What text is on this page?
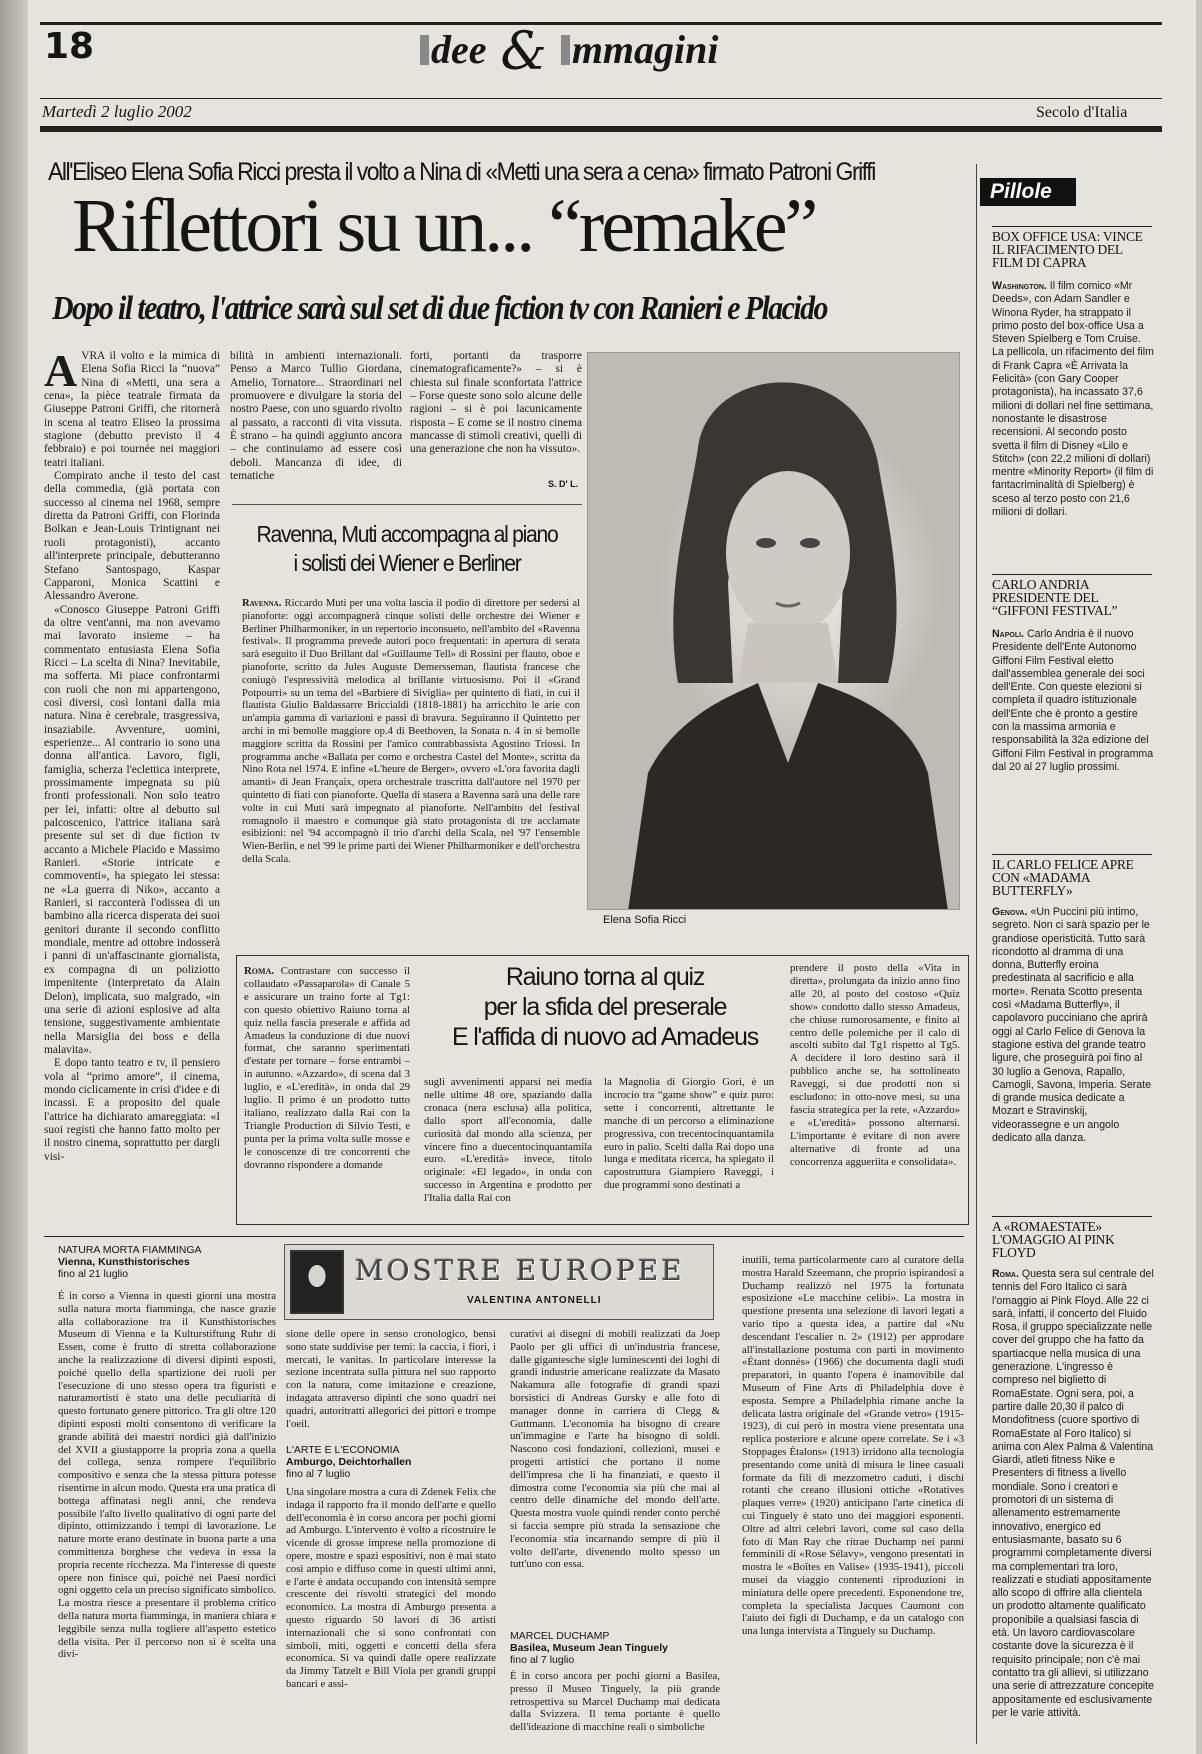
18	dee & mmagini
Martedì 2 luglio 2002	Secolo d'Italia
All'Eliseo Elena Sofia Ricci presta il volto a Nina di «Metti una sera a cena» firmato Patroni Griffi
Riflettori su un... “remake”
Dopo il teatro, l'attrice sarà sul set di due fiction tv con Ranieri e Placido
A VRA il volto e la mimica di Elena Sofia Ricci la “nuova” Nina di «Metti, una sera a cena», la pièce teatrale firmata da Giuseppe Patroni Griffi, che ritornerà in scena al teatro Eliseo la prossima stagione (debutto previsto il 4 febbraio) e poi tournée nei maggiori teatri italiani.

Compirato anche il testo del cast della commedia, (già portata con successo al cinema nel 1968, sempre diretta da Patroni Griffi, con Florinda Bolkan e Jean-Louis Trintignant nei ruoli protagonisti), accanto all'interprete principale, debutteranno Stefano Santospago, Kaspar Capparoni, Monica Scattini e Alessandro Averone.

«Conosco Giuseppe Patroni Griffi da oltre vent'anni, ma non avevamo mai lavorato insieme – ha commentato entusiasta Elena Sofia Ricci – La scelta di Nina? Inevitabile, ma sofferta. Mi piace confrontarmi con ruoli che non mi appartengono, così diversi, così lontani dalla mia natura. Nina è cerebrale, trasgressiva, insaziabile. Avventure, uomini, esperienze... Al contrario io sono una donna all'antica. Lavoro, figli, famiglia, scherza l'eclettica interprete, prossimamente impegnata su più fronti professionali. Non solo teatro per lei, infatti: oltre al debutto sul palcoscenico, l'attrice italiana sarà presente sul set di due fiction tv accanto a Michele Placido e Massimo Ranieri. «Storie intricate e commoventi», ha spiegato lei stessa: ne «La guerra di Niko», accanto a Ranieri, si racconterà l'odissea di un bambino alla ricerca disperata dei suoi genitori durante il secondo conflitto mondiale, mentre ad ottobre indosserà i panni di un'affascinante giornalista, ex compagna di un poliziotto impenitente (interpretato da Alain Delon), implicata, suo malgrado, «in una serie di azioni esplosive ad alta tensione, suggestivamente ambientate nella Marsiglia dei boss e della malavita».

E dopo tanto teatro e tv, il pensiero vola al “primo amore”, il cinema, mondo ciclicamente in crisi d'idee e di incassi. E a proposito del quale l'attrice ha dichiarato amareggiata: «I suoi registi che hanno fatto molto per il nostro cinema, soprattutto per dargli visi-

bilità in ambienti internazionali. Penso a Marco Tullio Giordana, Amelio, Tornatore... Straordinari nel promuovere e divulgare la storia del nostro Paese, con uno sguardo rivolto al passato, a racconti di vita vissuta. È strano – ha quindi aggiunto ancora – che continuiamo ad essere così deboli. Mancanza di idee, di tematiche
forti, portanti da trasporre cinematograficamente?» – si è chiesta sul finale sconfortata l'attrice – Forse queste sono solo alcune delle ragioni – si è poi lacunicamente risposta – E come se il nostro cinema mancasse di stimoli creativi, quelli di una generazione che non ha vissuto».
S. D' L.
Elena Sofia Ricci
Ravenna, Muti accompagna al piano
i solisti dei Wiener e Berliner
Ravenna. Riccardo Muti per una volta lascia il podio di direttore per sedersi al pianoforte: oggi accompagnerà cinque solisti delle orchestre dei Wiener e Berliner Philharmoniker, in un repertorio inconsueto, nell'ambito del «Ravenna festival». Il programma prevede autori poco frequentati: in apertura di serata sarà eseguito il Duo Brillant dal «Guillaume Tell» di Rossini per flauto, oboe e pianoforte, scritto da Jules Auguste Demersseman, flautista francese che coniugò l'espressività melodica al brillante virtuosismo. Poi il «Grand Potpourri» su un tema del «Barbiere di Siviglia» per quintetto di fiati, in cui il flautista Giulio Baldassarre Briccialdi (1818-1881) ha arricchito le arie con un'ampia gamma di variazioni e passi di bravura. Seguiranno il Quintetto per archi in mi bemolle maggiore op.4 di Beethoven, la Sonata n. 4 in si bemolle maggiore scritta da Rossini per l'amico contrabbassista Agostino Triossi. In programma anche «Ballata per corno e orchestra Castel del Monte», scritta da Nino Rota nel 1974. E infine «L'heure de Berger», ovvero «L'ora favorita dagli amanti» di Jean Françaix, opera orchestrale trascritta dall'autore nel 1970 per quintetto di fiati con pianoforte. Quella di stasera a Ravenna sarà una delle rare volte in cui Muti sarà impegnato al pianoforte. Nell'ambito del festival romagnolo il maestro e comunque già stato protagonista di tre acclamate esibizioni: nel '94 accompagnò il trio d'archi della Scala, nel '97 l'ensemble Wien-Berlin, e nel '99 le prime parti dei Wiener Philharmoniker e dell'orchestra della Scala.
Raiuno torna al quiz
per la sfida del preserale
E l'affida di nuovo ad Amadeus
Roma. Contrastare con successo il collaudato «Passaparola» di Canale 5 e assicurare un traino forte al Tg1: con questo obiettivo Raiuno torna al quiz nella fascia preserale e affida ad Amadeus la conduzione di due nuovi format, che saranno sperimentati d'estate per tornare – forse entrambi – in autunno. «Azzardo», di scena dal 3 luglio, e «L'eredità», in onda dal 29 luglio. Il primo è un prodotto tutto italiano, realizzato dalla Rai con la Triangle Production di Silvio Testi, e punta per la prima volta sulle mosse e le conoscenze di tre concorrenti che dovranno rispondere a domande
sugli avvenimenti apparsi nei media nelle ultime 48 ore, spaziando dalla cronaca (nera esclusa) alla politica, dallo sport all'economia, dalle curiosità dal mondo alla scienza, per vincere fino a duecentocinquantamila euro. «L'eredità» invece, titolo originale: «El legado», in onda con successo in Argentina e prodotto per l'Italia dalla Rai con
la Magnolia di Giorgio Gori, è un incrocio tra “game show” e quiz puro: sette i concorrenti, altrettante le manche di un percorso a eliminazione progressiva, con trecentocinquantamila euro in palio. Scelti dalla Rai dopo una lunga e meditata ricerca, ha spiegato il capostruttura Giampiero Raveggi, i due programmi sono destinati a
prendere il posto della «Vita in diretta», prolungata da inizio anno fino alle 20, al posto del costoso «Quiz show» condotto dallo stesso Amadeus, che chiuse rumorosamente, e finito al centro delle polemiche per il calo di ascolti subito dal Tg1 rispetto al Tg5. A decidere il loro destino sarà il pubblico anche se, ha sottolineato Raveggi, si due prodotti non si escludono: in otto-nove mesi, su una fascia strategica per la rete, «Azzardo» e «L'eredità» possono alternarsi. L'importante è evitare di non avere alternative di fronte ad una concorrenza aggueriita e consolidata».
MOSTRE EUROPEE
VALENTINA ANTONELLI
NATURA MORTA FIAMMINGA
Vienna, Kunsthistorisches
fino al 21 luglio
È in corso a Vienna in questi giorni una mostra sulla natura morta fiamminga, che nasce grazie alla collaborazione tra il Kunsthistorisches Museum di Vienna e la Kulturstiftung Ruhr di Essen, come è frutto di stretta collaborazione anche la realizzazione di diversi dipinti esposti, poiché quello della spartizione dei ruoli per l'esecuzione di uno stesso opera tra figuristi e naturamortisti è stato una delle peculiarità di questo fortunato genere pittorico. Tra gli oltre 120 dipinti esposti molti consentono di verificare la grande abilità dei maestri nordici già dall'inizio del XVII a giustapporre la propria zona a quella del collega, senza rompere l'equilibrio compositivo e senza che la stessa pittura potesse risentirne in alcun modo. Questa era una pratica di bottega affinatasi negli anni, che rendeva possibile l'alto livello qualitativo di ogni parte del dipinto, ottimizzando i tempi di lavorazione. Le nature morte erano destinate in buona parte a una committenza borghese che vedeva in essa la propria recente ricchezza. Ma l'interesse di queste opere non finisce qui, poiché nei Paesi nordici ogni oggetto cela un preciso significato simbolico. La mostra riesce a presentare il problema critico della natura morta fiamminga, in maniera chiara e leggibile senza nulla togliere all'aspetto estetico della visita. Per il percorso non si è scelta una divi-
sione delle opere in senso cronologico, bensì sono state suddivise per temi: la caccia, i fiori, i mercati, le vanitas. In particolare interesse la sezione incentrata sulla pittura nel suo rapporto con la natura, come imitazione e creazione, indagata attraverso dipinti che sono quadri nei quadri, autoritratti allegorici dei pittori e trompe l'oeil.
L'ARTE E L'ECONOMIA
Amburgo, Deichtorhallen
fino al 7 luglio
Una singolare mostra a cura di Zdenek Felix che indaga il rapporto fra il mondo dell'arte e quello dell'economia è in corso ancora per pochi giorni ad Amburgo. L'intervento è volto a ricostruire le vicende di grosse imprese nella promozione di opere, mostre e spazi espositivi, non è mai stato così ampio e diffuso come in questi ultimi anni, e l'arte è andata occupando con intensità sempre crescente dei risvolti strategici del mondo economico. La mostra di Amburgo presenta a questo riguardo 50 lavori di 36 artisti internazionali che si sono confrontati con simboli, miti, oggetti e concetti della sfera economica. Si va quindi dalle opere realizzate da Jimmy Tatzelt e Bill Viola per grandi gruppi bancari e assi-
curativi ai disegni di mobili realizzati da Joep Paolo per gli uffici di un'industria francese, dalle gigantesche sigle luminescenti dei loghi di grandi industrie americane realizzate da Masato Nakamura alle fotografie di grandi spazi borsistici di Andreas Gursky e alle foto di manager donne in carriera di Clegg & Guttmann. L'economia ha bisogno di creare un'immagine e l'arte ha bisogno di soldi. Nascono così fondazioni, collezioni, musei e progetti artistici che portano il nome dell'impresa che li ha finanziati, e questo il dimostra come l'economia sia più che mai al centro delle dinamiche del mondo dell'arte. Questa mostra vuole quindi render conto perché si faccia sempre più strada la sensazione che l'economia stia incarnando sempre di più il volto dell'arte, divenendo molto spesso un tutt'uno con essa.
MARCEL DUCHAMP
Basilea, Museum Jean Tinguely
fino al 7 luglio
È in corso ancora per pochi giorni a Basilea, presso il Museo Tinguely, la più grande retrospettiva su Marcel Duchamp mai dedicata dalla Svizzera. Il tema portante è quello dell'ideazione di macchine reali o simboliche
inutili, tema particolarmente caro al curatore della mostra Harald Szeemann, che proprio ispirandosi a Duchamp realizzò nel 1975 la fortunata esposizione «Le macchine celibi». La mostra in questione presenta una selezione di lavori legati a vario tipo a questa idea, a partire dal «Nu descendant l'escalier n. 2» (1912) per approdare all'installazione postuma con parti in movimento «Étant donnés» (1966) che documenta dagli studi preparatori, in quanto l'opera è inamovibile dal Museum of Fine Arts di Philadelphia dove è esposta. Sempre a Philadelphia rimane anche la delicata lastra originale del «Grande vetro» (1915-1923), di cui però in mostra viene presentata una replica posteriore e alcune opere correlate. Se i «3 Stoppages Étalons» (1913) irridono alla tecnologia presentando come unità di misura le linee casuali formate da fili di mezzometro caduti, i dischi rotanti che creano illusioni ottiche «Rotatives plaques verre» (1920) anticipano l'arte cinetica di cui Tinguely è stato uno dei maggiori esponenti. Oltre ad altri celebri lavori, come sul caso della foto di Man Ray che ritrae Duchamp nei panni femminili di «Rose Sélavy», vengono presentati in mostra le «Boîtes en Valise» (1935-1941), piccoli musei da viaggio contenenti riproduzioni in miniatura delle opere precedenti. Esponendone tre, completa la specialista Jacques Caumont con l'aiuto dei figli di Duchamp, e da un catalogo con una lunga intervista a Tinguely su Duchamp.
Pillole
BOX OFFICE USA: VINCE IL RIFACIMENTO DEL FILM DI CAPRA
Washington. Il film comico «Mr Deeds», con Adam Sandler e Winona Ryder, ha strappato il primo posto del box-office Usa a Steven Spielberg e Tom Cruise. La pellicola, un rifacimento del film di Frank Capra «È Arrivata la Felicità» (con Gary Cooper protagonista), ha incassato 37,6 milioni di dollari nel fine settimana, nonostante le disastrose recensioni. Al secondo posto svetta il film di Disney «Lilo e Stitch» (con 22,2 milioni di dollari) mentre «Minority Report» (il film di fantacriminalità di Spielberg) è sceso al terzo posto con 21,6 milioni di dollari.
CARLO ANDRIA PRESIDENTE DEL “GIFFONI FESTIVAL”
Napoli. Carlo Andria è il nuovo Presidente dell'Ente Autonomo Giffoni Film Festival eletto dall'assemblea generale dei soci dell'Ente. Con queste elezioni si completa il quadro istituzionale dell'Ente che è pronto a gestire con la massima armonia e responsabilità la 32a edizione del Giffoni Film Festival in programma dal 20 al 27 luglio prossimi.
IL CARLO FELICE APRE CON «MADAMA BUTTERFLY»
Genova. «Un Puccini più intimo, segreto. Non ci sarà spazio per le grandiose operisticità. Tutto sarà ricondotto al dramma di una donna, Butterfly eroina predestinata al sacrificio e alla morte». Renata Scotto presenta così «Madama Butterfly», il capolavoro pucciniano che aprirà oggi al Carlo Felice di Genova la stagione estiva del grande teatro ligure, che proseguirà poi fino al 30 luglio a Genova, Rapallo, Camogli, Savona, Imperia. Serate di grande musica dedicate a Mozart e Stravinskij, videorassegne e un angolo dedicato alla danza.
A «ROMAESTATE» L'OMAGGIO AI PINK FLOYD
Roma. Questa sera sul centrale del tennis del Foro Italico ci sarà l'omaggio ai Pink Floyd. Alle 22 ci sarà, infatti, il concerto del Fluido Rosa, il gruppo specializzate nelle cover del gruppo che ha fatto da spartiacque nella musica di una generazione. L'ingresso è compreso nel biglietto di RomaEstate. Ogni sera, poi, a partire dalle 20,30 il palco di Mondofitness (cuore sportivo di RomaEstate al Foro Italico) si anima con Alex Palma & Valentina Giardi, atleti fitness Nike e Presenters di fitness a livello mondiale. Sono i creatori e promotori di un sistema di allenamento estremamente innovativo, energico ed entusiasmante, basato su 6 programmi completamente diversi ma complementari tra loro, realizzati e studiati appositamente allo scopo di offrire alla clientela un prodotto altamente qualificato proponibile a qualsiasi fascia di età. Un lavoro cardiovascolare costante dove la sicurezza è il requisito principale; non c'è mai contatto tra gli allievi, si utilizzano una serie di attrezzature concepite appositamente ed esclusivamente per le varie attività.
